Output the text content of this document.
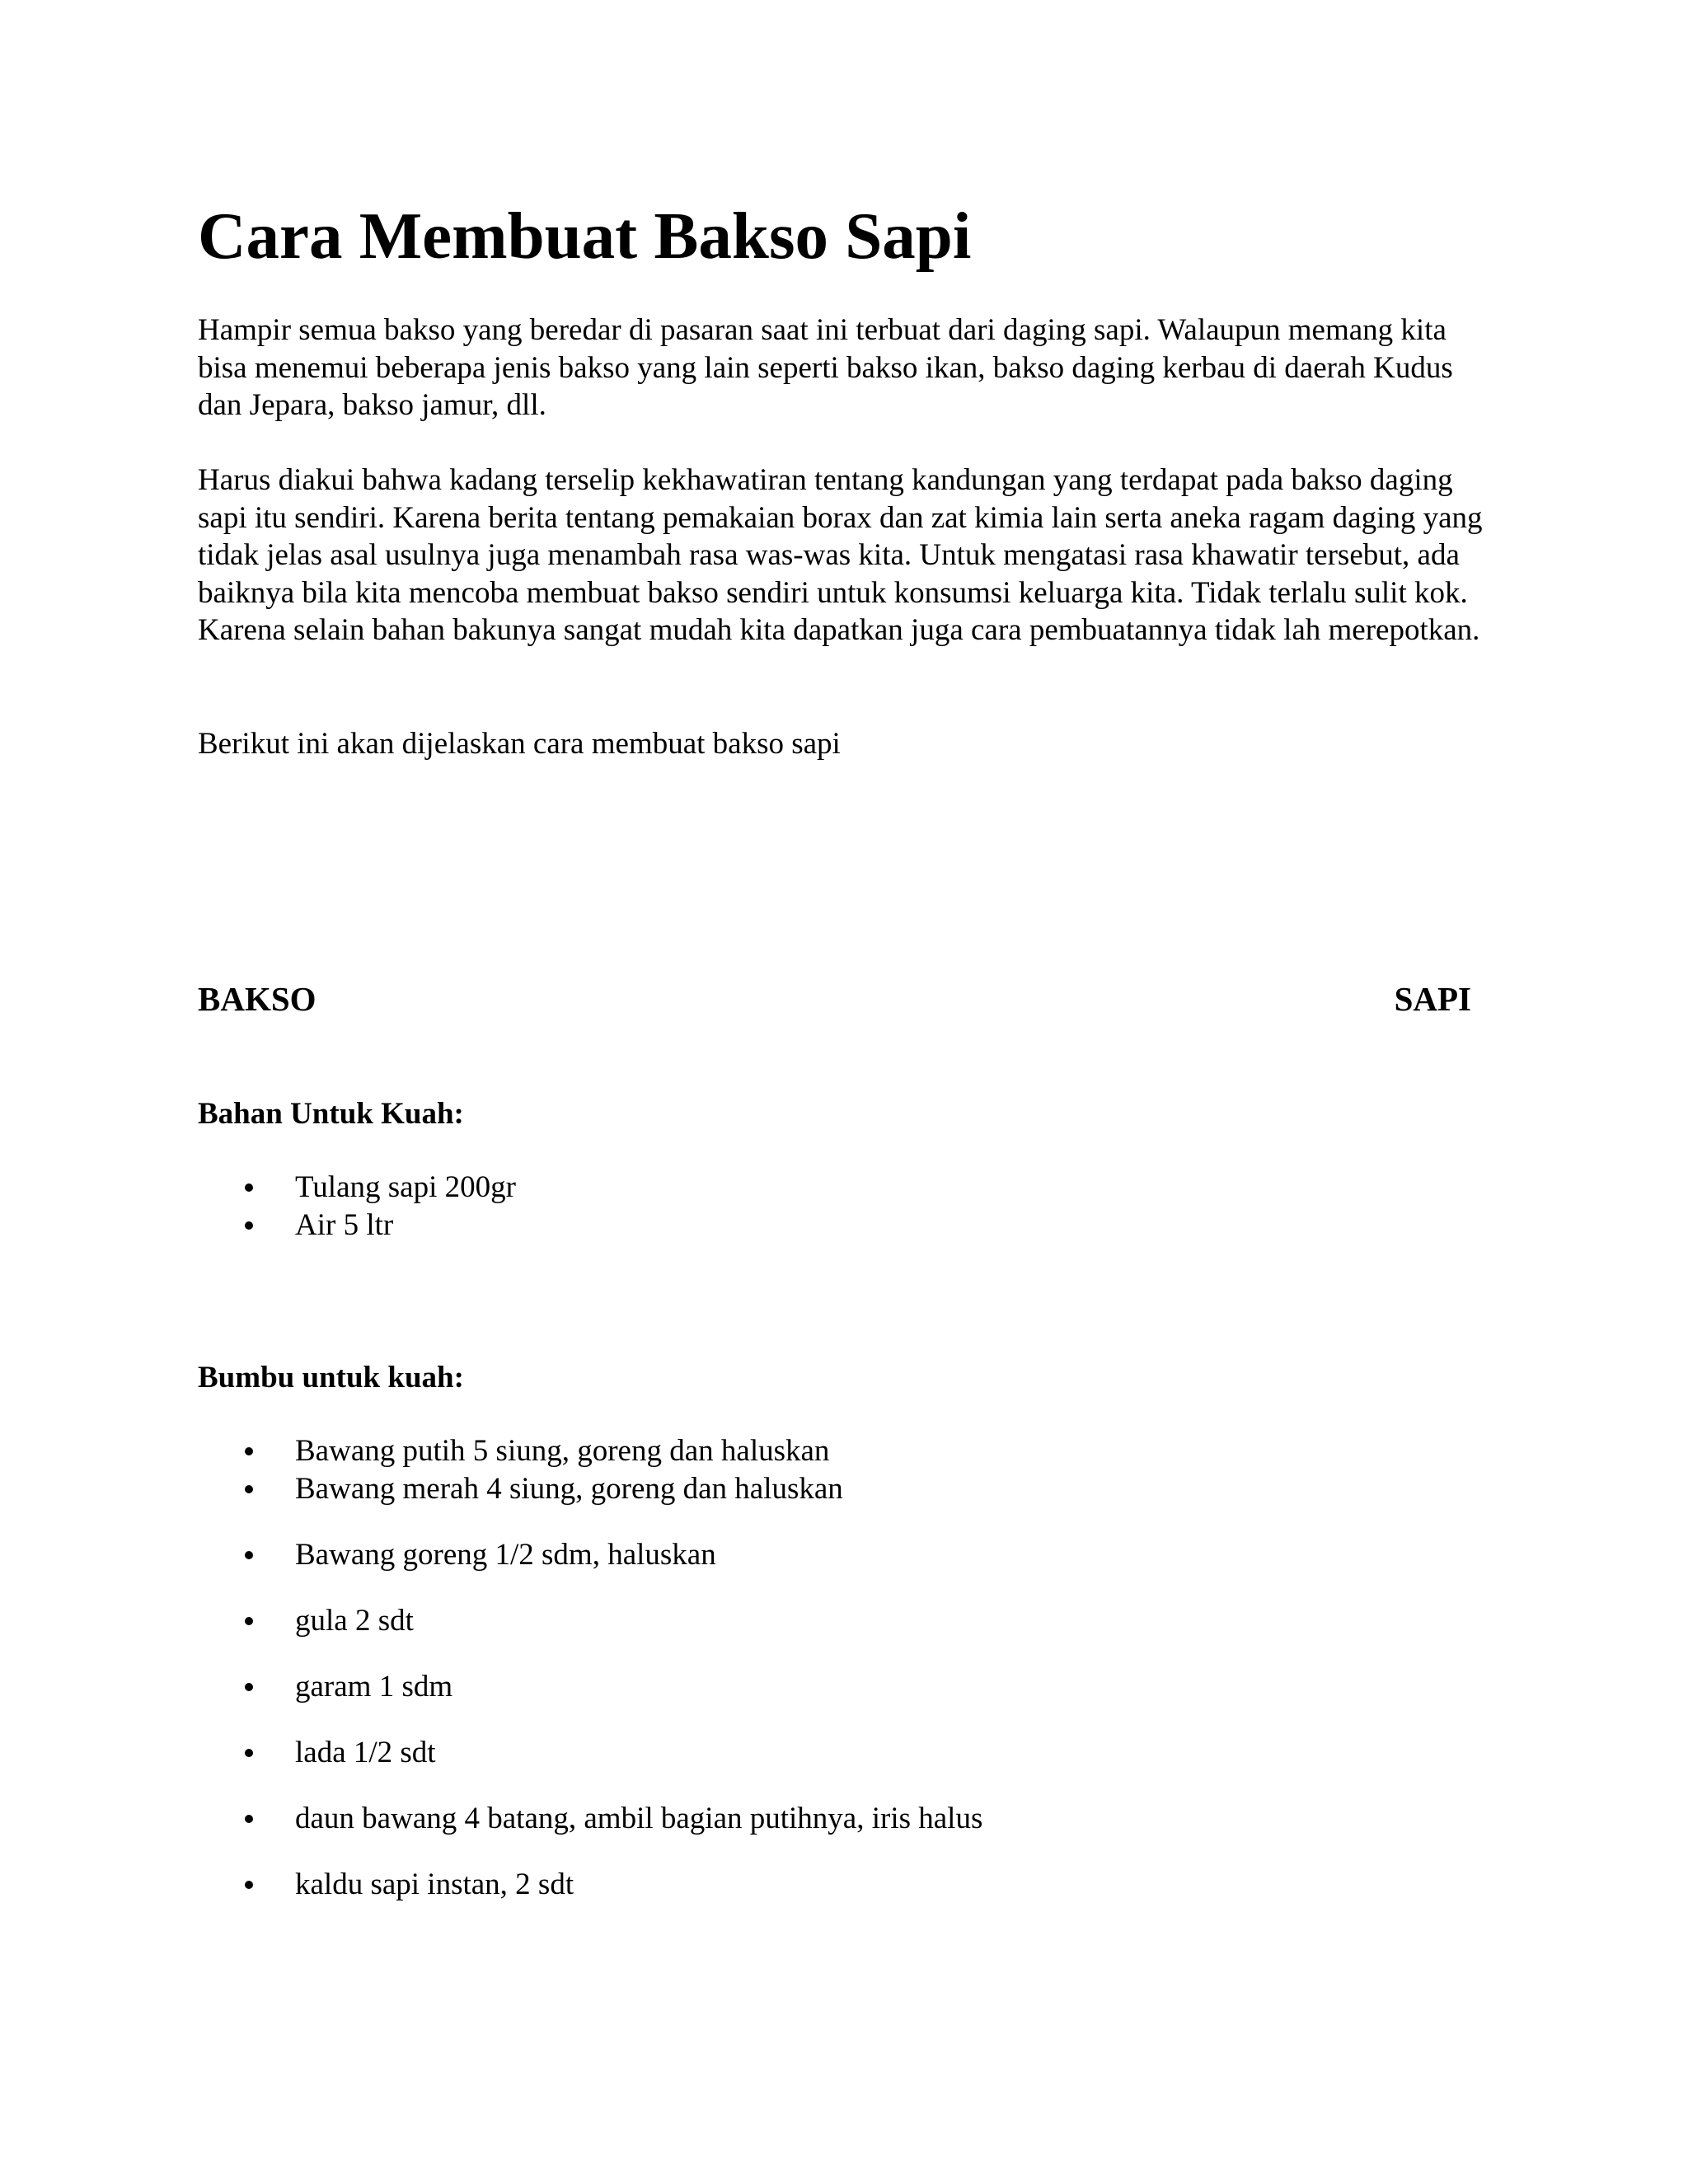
Cara Membuat Bakso Sapi

Hampir semua bakso yang beredar di pasaran saat ini terbuat dari daging sapi. Walaupun memang kita bisa menemui beberapa jenis bakso yang lain seperti bakso ikan, bakso daging kerbau di daerah Kudus dan Jepara, bakso jamur, dll.

Harus diakui bahwa kadang terselip kekhawatiran tentang kandungan yang terdapat pada bakso daging sapi itu sendiri. Karena berita tentang pemakaian borax dan zat kimia lain serta aneka ragam daging yang tidak jelas asal usulnya juga menambah rasa was-was kita. Untuk mengatasi rasa khawatir tersebut, ada baiknya bila kita mencoba membuat bakso sendiri untuk konsumsi keluarga kita. Tidak terlalu sulit kok. Karena selain bahan bakunya sangat mudah kita dapatkan juga cara pembuatannya tidak lah merepotkan.

Berikut ini akan dijelaskan cara membuat bakso sapi

BAKSO	SAPI
Bahan Untuk Kuah:
Tulang sapi 200gr
Air 5 ltr
Bumbu untuk kuah:
Bawang putih 5 siung, goreng dan haluskan
Bawang merah 4 siung, goreng dan haluskan
Bawang goreng 1/2 sdm, haluskan
gula 2 sdt
garam 1 sdm
lada 1/2 sdt
daun bawang 4 batang, ambil bagian putihnya, iris halus
kaldu sapi instan, 2 sdt
